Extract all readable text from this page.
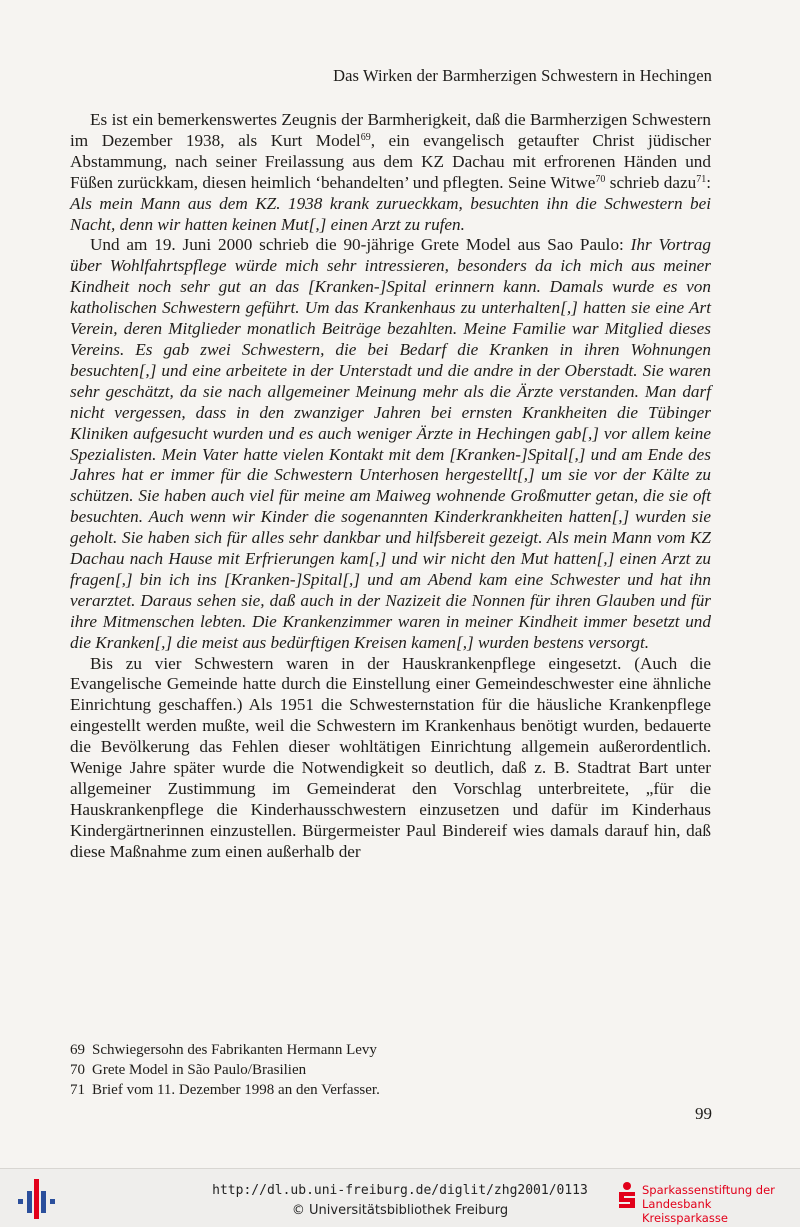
Das Wirken der Barmherzigen Schwestern in Hechingen

Es ist ein bemerkenswertes Zeugnis der Barmherigkeit, daß die Barmherzigen Schwestern im Dezember 1938, als Kurt Model$^{69}$, ein evangelisch getaufter Christ jüdischer Abstammung, nach seiner Freilassung aus dem KZ Dachau mit erfrorenen Händen und Füßen zurückkam, diesen heimlich ‘behandelten’ und pflegten. Seine Witwe$^{70}$ schrieb dazu$^{71}$: Als mein Mann aus dem KZ. 1938 krank zurueckkam, besuchten ihn die Schwestern bei Nacht, denn wir hatten keinen Mut[,] einen Arzt zu rufen.

Und am 19. Juni 2000 schrieb die 90-jährige Grete Model aus Sao Paulo: Ihr Vortrag über Wohlfahrtspflege würde mich sehr intressieren, besonders da ich mich aus meiner Kindheit noch sehr gut an das [Kranken-]Spital erinnern kann. Damals wurde es von katholischen Schwestern geführt. Um das Krankenhaus zu unterhalten[,] hatten sie eine Art Verein, deren Mitglieder monatlich Beiträge bezahlten. Meine Familie war Mitglied dieses Vereins. Es gab zwei Schwestern, die bei Bedarf die Kranken in ihren Wohnungen besuchten[,] und eine arbeitete in der Unterstadt und die andre in der Oberstadt. Sie waren sehr geschätzt, da sie nach allgemeiner Meinung mehr als die Ärzte verstanden. Man darf nicht vergessen, dass in den zwanziger Jahren bei ernsten Krankheiten die Tübinger Kliniken aufgesucht wurden und es auch weniger Ärzte in Hechingen gab[,] vor allem keine Spezialisten. Mein Vater hatte vielen Kontakt mit dem [Kranken-]Spital[,] und am Ende des Jahres hat er immer für die Schwestern Unterhosen hergestellt[,] um sie vor der Kälte zu schützen. Sie haben auch viel für meine am Maiweg wohnende Großmutter getan, die sie oft besuchten. Auch wenn wir Kinder die sogenannten Kinderkrankheiten hatten[,] wurden sie geholt. Sie haben sich für alles sehr dankbar und hilfsbereit gezeigt. Als mein Mann vom KZ Dachau nach Hause mit Erfrierungen kam[,] und wir nicht den Mut hatten[,] einen Arzt zu fragen[,] bin ich ins [Kranken-]Spital[,] und am Abend kam eine Schwester und hat ihn verarztet. Daraus sehen sie, daß auch in der Nazizeit die Nonnen für ihren Glauben und für ihre Mitmenschen lebten. Die Krankenzimmer waren in meiner Kindheit immer besetzt und die Kranken[,] die meist aus bedürftigen Kreisen kamen[,] wurden bestens versorgt.

Bis zu vier Schwestern waren in der Hauskrankenpflege eingesetzt. (Auch die Evangelische Gemeinde hatte durch die Einstellung einer Gemeindeschwester eine ähnliche Einrichtung geschaffen.) Als 1951 die Schwesternstation für die häusliche Krankenpflege eingestellt werden mußte, weil die Schwestern im Krankenhaus benötigt wurden, bedauerte die Bevölkerung das Fehlen dieser wohltätigen Einrichtung allgemein außerordentlich. Wenige Jahre später wurde die Notwendigkeit so deutlich, daß z. B. Stadtrat Bart unter allgemeiner Zustimmung im Gemeinderat den Vorschlag unterbreitete, „für die Hauskrankenpflege die Kinderhausschwestern einzusetzen und dafür im Kinderhaus Kindergärtnerinnen einzustellen. Bürgermeister Paul Bindereif wies damals darauf hin, daß diese Maßnahme zum einen außerhalb der

69 Schwiegersohn des Fabrikanten Hermann Levy
70 Grete Model in São Paulo/Brasilien
71 Brief vom 11. Dezember 1998 an den Verfasser.
99
http://dl.ub.uni-freiburg.de/diglit/zhg2001/0113
© Universitätsbibliothek Freiburg
Sparkassenstiftung der
Landesbank Kreissparkasse
